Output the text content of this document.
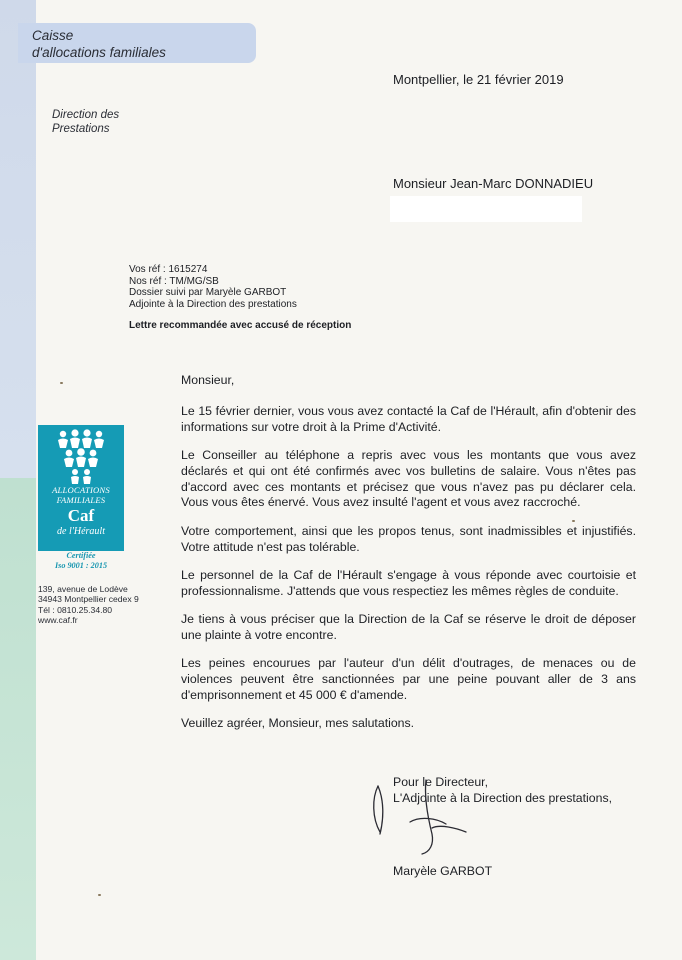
Caisse
d'allocations familiales
Direction des
Prestations
Montpellier, le 21 février 2019
Monsieur Jean-Marc DONNADIEU
Vos réf : 1615274
Nos réf : TM/MG/SB
Dossier suivi par Maryèle GARBOT
Adjointe à la Direction des prestations
Lettre recommandée avec accusé de réception
ALLOCATIONS
FAMILIALES
Caf
de l'Hérault
Certifiée
Iso 9001 : 2015
139, avenue de Lodève
34943 Montpellier cedex 9
Tél : 0810.25.34.80
www.caf.fr

Monsieur,

Le 15 février dernier, vous vous avez contacté la Caf de l'Hérault, afin d'obtenir des informations sur votre droit à la Prime d'Activité.

Le Conseiller au téléphone a repris avec vous les montants que vous avez déclarés et qui ont été confirmés avec vos bulletins de salaire. Vous n'êtes pas d'accord avec ces montants et précisez que vous n'avez pas pu déclarer cela. Vous vous êtes énervé. Vous avez insulté l'agent et vous avez raccroché.

Votre comportement, ainsi que les propos tenus, sont inadmissibles et injustifiés. Votre attitude n'est pas tolérable.

Le personnel de la Caf de l'Hérault s'engage à vous réponde avec courtoisie et professionnalisme. J'attends que vous respectiez les mêmes règles de conduite.

Je tiens à vous préciser que la Direction de la Caf se réserve le droit de déposer une plainte à votre encontre.

Les peines encourues par l'auteur d'un délit d'outrages, de menaces ou de violences peuvent être sanctionnées par une peine pouvant aller de 3 ans d'emprisonnement et 45 000 € d'amende.

Veuillez agréer, Monsieur, mes salutations.

Pour le Directeur,
L'Adjointe à la Direction des prestations,
Maryèle GARBOT
